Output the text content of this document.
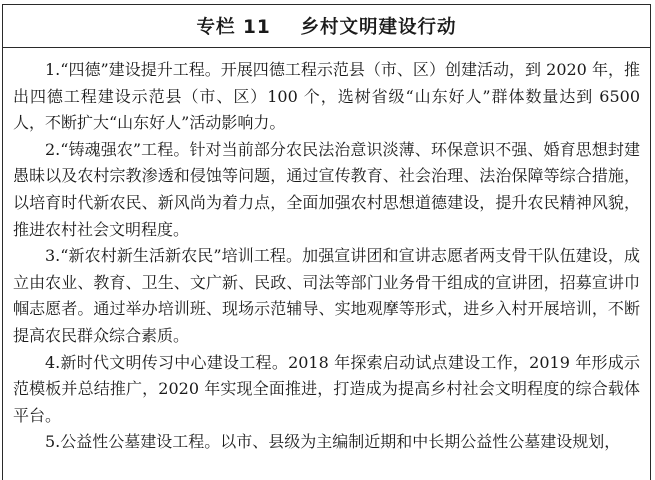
专栏 11    乡村文明建设行动

1.“四德”建设提升工程。开展四德工程示范县（市、区）创建活动，到 2020 年，推出四德工程建设示范县（市、区）100 个，选树省级“山东好人”群体数量达到 6500 人，不断扩大“山东好人”活动影响力。

2.“铸魂强农”工程。针对当前部分农民法治意识淡薄、环保意识不强、婚育思想封建愚昧以及农村宗教渗透和侵蚀等问题，通过宣传教育、社会治理、法治保障等综合措施，以培育时代新农民、新风尚为着力点，全面加强农村思想道德建设，提升农民精神风貌，推进农村社会文明程度。

3.“新农村新生活新农民”培训工程。加强宣讲团和宣讲志愿者两支骨干队伍建设，成立由农业、教育、卫生、文广新、民政、司法等部门业务骨干组成的宣讲团，招募宣讲巾帼志愿者。通过举办培训班、现场示范辅导、实地观摩等形式，进乡入村开展培训，不断提高农民群众综合素质。

4.新时代文明传习中心建设工程。2018 年探索启动试点建设工作，2019 年形成示范模板并总结推广，2020 年实现全面推进，打造成为提高乡村社会文明程度的综合载体平台。

5.公益性公墓建设工程。以市、县级为主编制近期和中长期公益性公墓建设规划，
